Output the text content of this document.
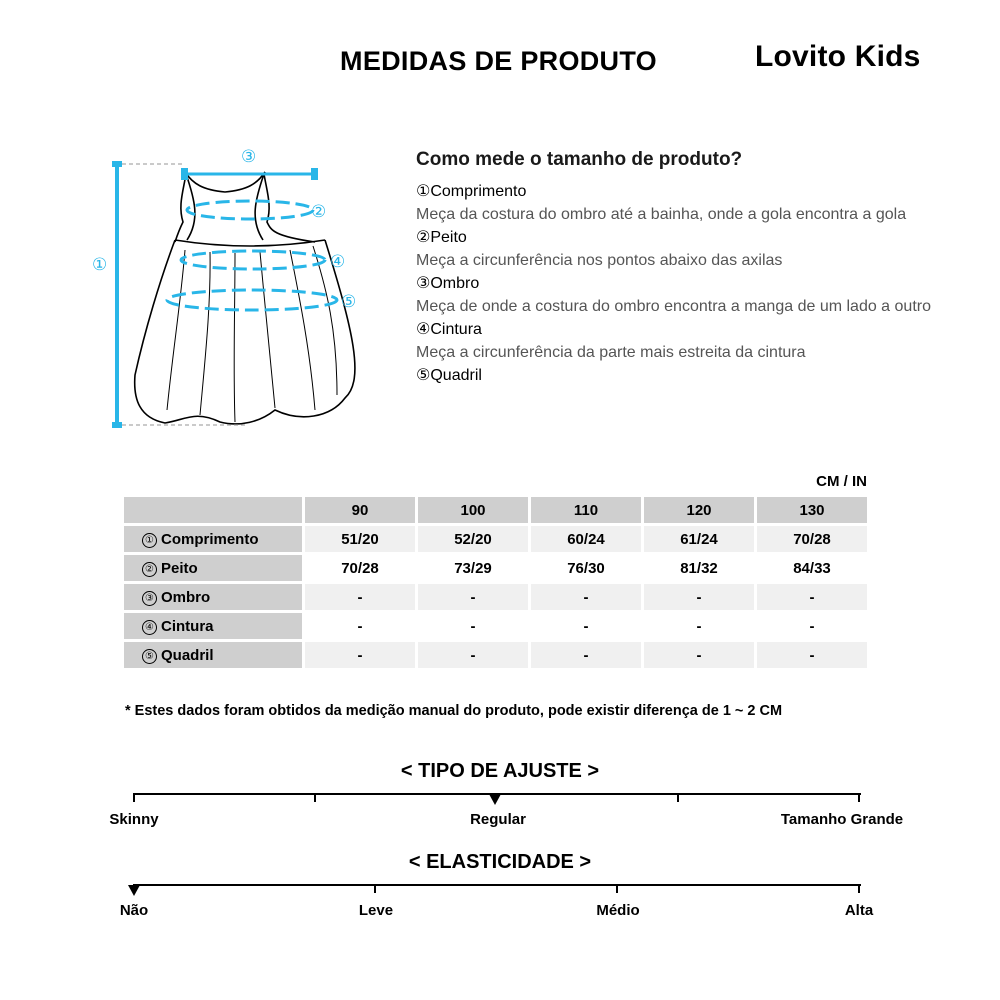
MEDIDAS DE PRODUTO	Lovito Kids
①
②
③
④
⑤
Como mede o tamanho de produto?
①Comprimento
Meça da costura do ombro até a bainha, onde a gola encontra a gola
②Peito
Meça a circunferência nos pontos abaixo das axilas
③Ombro
Meça de onde a costura do ombro encontra a manga de um lado a outro
④Cintura
Meça a circunferência da parte mais estreita da cintura
⑤Quadril
CM / IN
	90	100	110	120	130
① Comprimento	51/20	52/20	60/24	61/24	70/28
② Peito	70/28	73/29	76/30	81/32	84/33
③ Ombro	-	-	-	-	-
④ Cintura	-	-	-	-	-
⑤ Quadril	-	-	-	-	-
* Estes dados foram obtidos da medição manual do produto, pode existir diferença de 1 ~ 2 CM
< TIPO DE AJUSTE >
Skinny	Regular	Tamanho Grande
< ELASTICIDADE >
Não	Leve	Médio	Alta
